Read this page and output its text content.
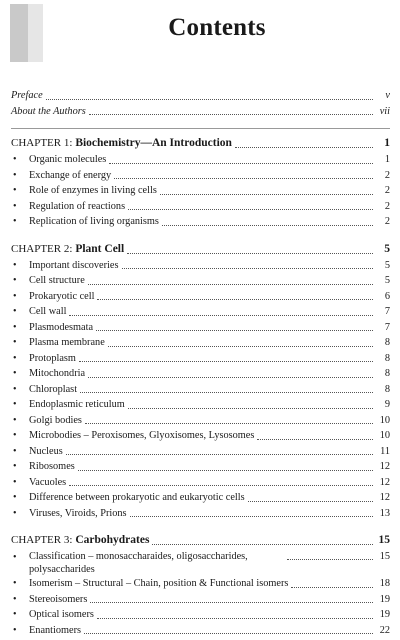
Contents
Preface	v
About the Authors	vii
CHAPTER 1: Biochemistry—An Introduction	1
• Organic molecules	1
• Exchange of energy	2
• Role of enzymes in living cells	2
• Regulation of reactions	2
• Replication of living organisms	2
CHAPTER 2: Plant Cell	5
• Important discoveries	5
• Cell structure	5
• Prokaryotic cell	6
• Cell wall	7
• Plasmodesmata	7
• Plasma membrane	8
• Protoplasm	8
• Mitochondria	8
• Chloroplast	8
• Endoplasmic reticulum	9
• Golgi bodies	10
• Microbodies – Peroxisomes, Glyoxisomes, Lysosomes	10
• Nucleus	11
• Ribosomes	12
• Vacuoles	12
• Difference between prokaryotic and eukaryotic cells	12
• Viruses, Viroids, Prions	13
CHAPTER 3: Carbohydrates	15
• Classification – monosaccharaides, oligosaccharides, polysaccharides
15
• Isomerism – Structural – Chain, position & Functional isomers	18
• Stereoisomers	19
• Optical isomers	19
• Enantiomers	22
